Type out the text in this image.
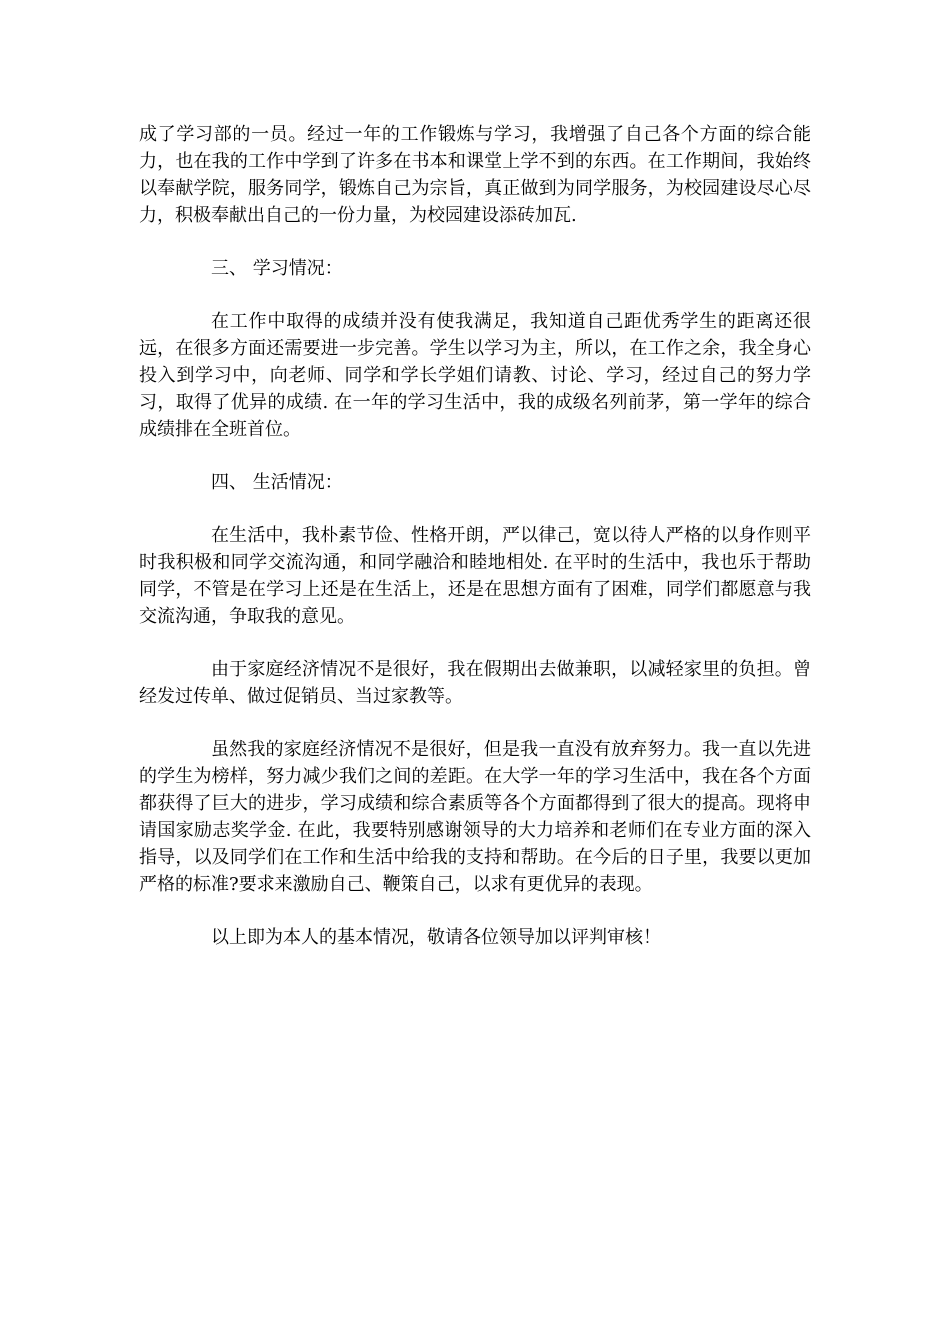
成了学习部的一员。经过一年的工作锻炼与学习，我增强了自己各个方面的综合能力，也在我的工作中学到了许多在书本和课堂上学不到的东西。在工作期间，我始终以奉献学院，服务同学，锻炼自己为宗旨，真正做到为同学服务，为校园建设尽心尽力，积极奉献出自己的一份力量，为校园建设添砖加瓦.

三、 学习情况：

在工作中取得的成绩并没有使我满足，我知道自己距优秀学生的距离还很远，在很多方面还需要进一步完善。学生以学习为主，所以，在工作之余，我全身心投入到学习中，向老师、同学和学长学姐们请教、讨论、学习，经过自己的努力学习，取得了优异的成绩. 在一年的学习生活中，我的成级名列前茅，第一学年的综合成绩排在全班首位。

四、 生活情况：

在生活中，我朴素节俭、性格开朗，严以律己，宽以待人严格的以身作则平时我积极和同学交流沟通，和同学融洽和睦地相处. 在平时的生活中，我也乐于帮助同学，不管是在学习上还是在生活上，还是在思想方面有了困难，同学们都愿意与我交流沟通，争取我的意见。

由于家庭经济情况不是很好，我在假期出去做兼职，以减轻家里的负担。曾经发过传单、做过促销员、当过家教等。

虽然我的家庭经济情况不是很好，但是我一直没有放弃努力。我一直以先进的学生为榜样，努力减少我们之间的差距。在大学一年的学习生活中，我在各个方面都获得了巨大的进步，学习成绩和综合素质等各个方面都得到了很大的提高。现将申请国家励志奖学金. 在此，我要特别感谢领导的大力培养和老师们在专业方面的深入指导，以及同学们在工作和生活中给我的支持和帮助。在今后的日子里，我要以更加严格的标准?要求来激励自己、鞭策自己，以求有更优异的表现。

以上即为本人的基本情况，敬请各位领导加以评判审核！
